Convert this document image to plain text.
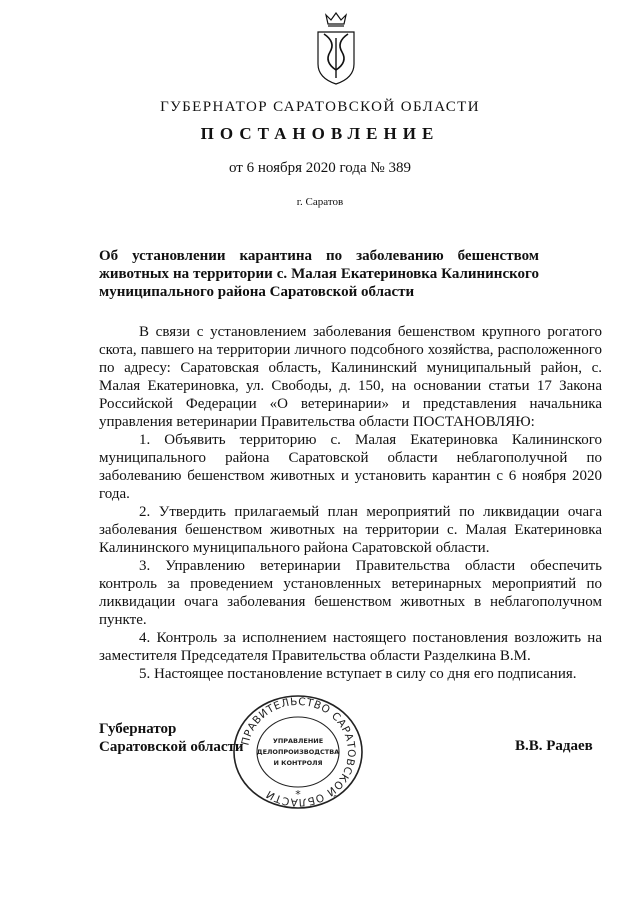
ГУБЕРНАТОР САРАТОВСКОЙ ОБЛАСТИ
ПОСТАНОВЛЕНИЕ
от 6 ноября 2020 года № 389
г. Саратов
Об установлении карантина по заболеванию бешенством животных на территории с. Малая Екатериновка Калининского муниципального района Саратовской области

В связи с установлением заболевания бешенством крупного рогатого скота, павшего на территории личного подсобного хозяйства, расположенного по адресу: Саратовская область, Калининский муниципальный район, с. Малая Екатериновка, ул. Свободы, д. 150, на основании статьи 17 Закона Российской Федерации «О ветеринарии» и представления начальника управления ветеринарии Правительства области ПОСТАНОВЛЯЮ:

1. Объявить территорию с. Малая Екатериновка Калининского муниципального района Саратовской области неблагополучной по заболеванию бешенством животных и установить карантин с 6 ноября 2020 года.

2. Утвердить прилагаемый план мероприятий по ликвидации очага заболевания бешенством животных на территории с. Малая Екатериновка Калининского муниципального района Саратовской области.

3. Управлению ветеринарии Правительства области обеспечить контроль за проведением установленных ветеринарных мероприятий по ликвидации очага заболевания бешенством животных в неблагополучном пункте.

4. Контроль за исполнением настоящего постановления возложить на заместителя Председателя Правительства области Разделкина В.М.

5. Настоящее постановление вступает в силу со дня его подписания.

Губернатор
Саратовской области	В.В. Радаев
ПРАВИТЕЛЬСТВО САРАТОВСКОЙ ОБЛАСТИ
УПРАВЛЕНИЕ
ДЕЛОПРОИЗВОДСТВА
И КОНТРОЛЯ
*
